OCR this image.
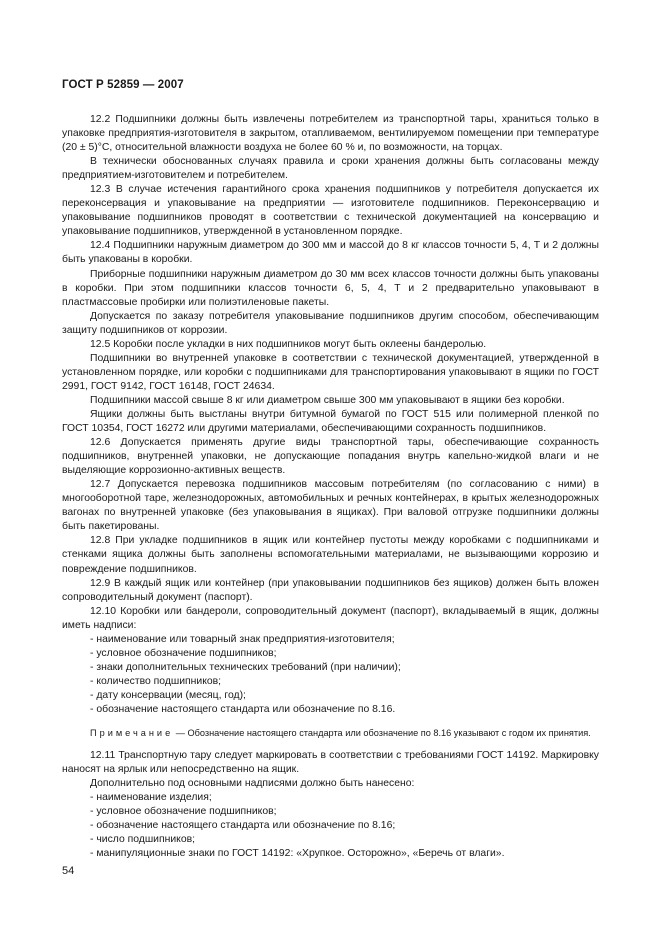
ГОСТ Р 52859 — 2007

12.2 Подшипники должны быть извлечены потребителем из транспортной тары, храниться только в упаковке предприятия-изготовителя в закрытом, отапливаемом, вентилируемом помещении при температуре (20 ± 5)°С, относительной влажности воздуха не более 60 % и, по возможности, на торцах.

В технически обоснованных случаях правила и сроки хранения должны быть согласованы между предприятием-изготовителем и потребителем.

12.3 В случае истечения гарантийного срока хранения подшипников у потребителя допускается их переконсервация и упаковывание на предприятии — изготовителе подшипников. Переконсервацию и упаковывание подшипников проводят в соответствии с технической документацией на консервацию и упаковывание подшипников, утвержденной в установленном порядке.

12.4 Подшипники наружным диаметром до 300 мм и массой до 8 кг классов точности 5, 4, Т и 2 должны быть упакованы в коробки.

Приборные подшипники наружным диаметром до 30 мм всех классов точности должны быть упакованы в коробки. При этом подшипники классов точности 6, 5, 4, Т и 2 предварительно упаковывают в пластмассовые пробирки или полиэтиленовые пакеты.

Допускается по заказу потребителя упаковывание подшипников другим способом, обеспечивающим защиту подшипников от коррозии.

12.5 Коробки после укладки в них подшипников могут быть оклеены бандеролью.

Подшипники во внутренней упаковке в соответствии с технической документацией, утвержденной в установленном порядке, или коробки с подшипниками для транспортирования упаковывают в ящики по ГОСТ 2991, ГОСТ 9142, ГОСТ 16148, ГОСТ 24634.

Подшипники массой свыше 8 кг или диаметром свыше 300 мм упаковывают в ящики без коробки.

Ящики должны быть выстланы внутри битумной бумагой по ГОСТ 515 или полимерной пленкой по ГОСТ 10354, ГОСТ 16272 или другими материалами, обеспечивающими сохранность подшипников.

12.6 Допускается применять другие виды транспортной тары, обеспечивающие сохранность подшипников, внутренней упаковки, не допускающие попадания внутрь капельно-жидкой влаги и не выделяющие коррозионно-активных веществ.

12.7 Допускается перевозка подшипников массовым потребителям (по согласованию с ними) в многооборотной таре, железнодорожных, автомобильных и речных контейнерах, в крытых железнодорожных вагонах по внутренней упаковке (без упаковывания в ящиках). При валовой отгрузке подшипники должны быть пакетированы.

12.8 При укладке подшипников в ящик или контейнер пустоты между коробками с подшипниками и стенками ящика должны быть заполнены вспомогательными материалами, не вызывающими коррозию и повреждение подшипников.

12.9 В каждый ящик или контейнер (при упаковывании подшипников без ящиков) должен быть вложен сопроводительный документ (паспорт).

12.10 Коробки или бандероли, сопроводительный документ (паспорт), вкладываемый в ящик, должны иметь надписи:

- наименование или товарный знак предприятия-изготовителя;

- условное обозначение подшипников;

- знаки дополнительных технических требований (при наличии);

- количество подшипников;

- дату консервации (месяц, год);

- обозначение настоящего стандарта или обозначение по 8.16.

Примечание — Обозначение настоящего стандарта или обозначение по 8.16 указывают с годом их принятия.

12.11 Транспортную тару следует маркировать в соответствии с требованиями ГОСТ 14192. Маркировку наносят на ярлык или непосредственно на ящик.

Дополнительно под основными надписями должно быть нанесено:

- наименование изделия;

- условное обозначение подшипников;

- обозначение настоящего стандарта или обозначение по 8.16;

- число подшипников;

- манипуляционные знаки по ГОСТ 14192: «Хрупкое. Осторожно», «Беречь от влаги».

54
